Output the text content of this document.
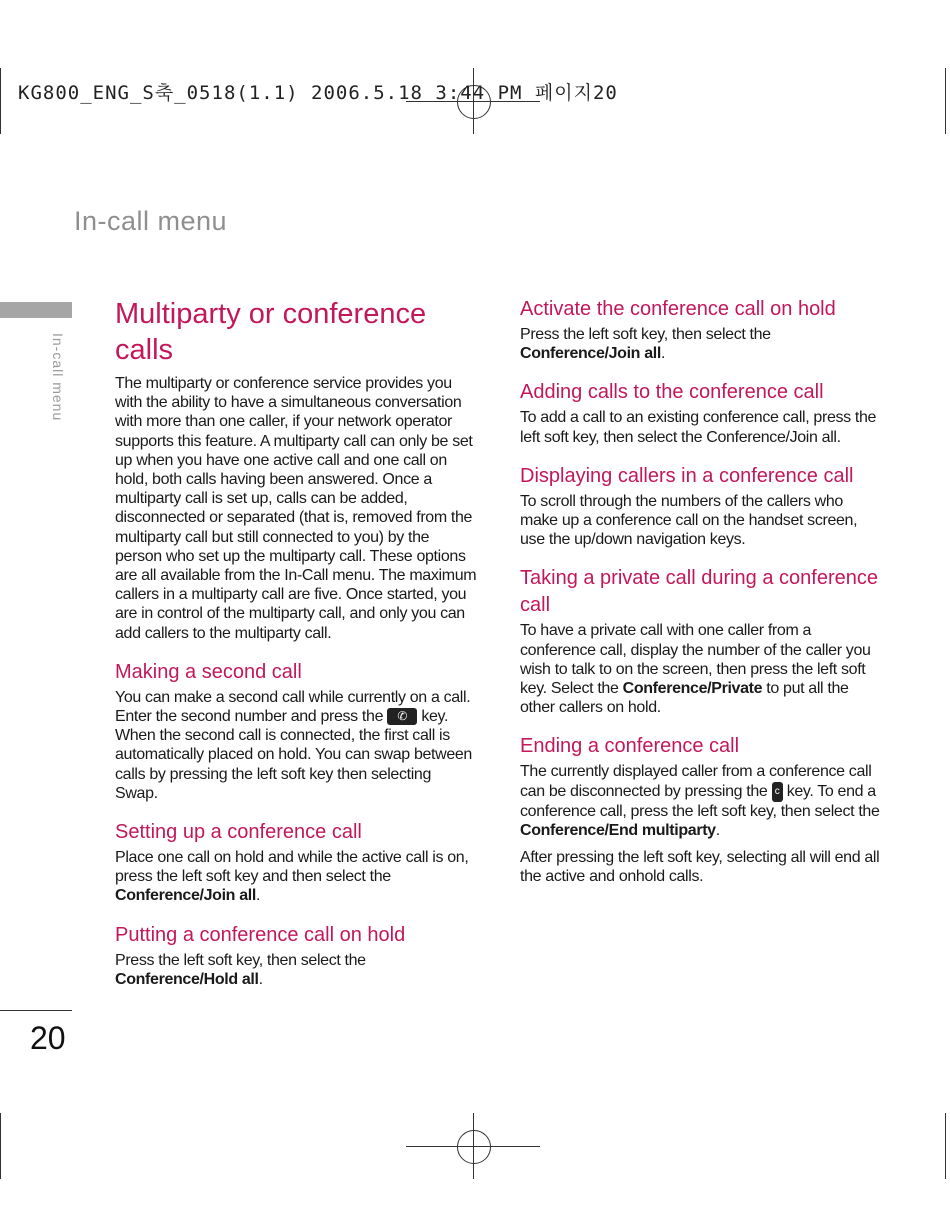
KG800_ENG_S축_0518(1.1) 2006.5.18 3:44 PM 페이지20
In-call menu
In-call menu
20
Multiparty or conference calls

The multiparty or conference service provides you with the ability to have a simultaneous conversation with more than one caller, if your network operator supports this feature. A multiparty call can only be set up when you have one active call and one call on hold, both calls having been answered. Once a multiparty call is set up, calls can be added, disconnected or separated (that is, removed from the multiparty call but still connected to you) by the person who set up the multiparty call. These options are all available from the In-Call menu. The maximum callers in a multiparty call are five. Once started, you are in control of the multiparty call, and only you can add callers to the multiparty call.

Making a second call

You can make a second call while currently on a call. Enter the second number and press the ✆ key. When the second call is connected, the first call is automatically placed on hold. You can swap between calls by pressing the left soft key then selecting Swap.

Setting up a conference call

Place one call on hold and while the active call is on, press the left soft key and then select the Conference/Join all.

Putting a conference call on hold

Press the left soft key, then select the Conference/Hold all.

Activate the conference call on hold

Press the left soft key, then select the Conference/Join all.

Adding calls to the conference call

To add a call to an existing conference call, press the left soft key, then select the Conference/Join all.

Displaying callers in a conference call

To scroll through the numbers of the callers who make up a conference call on the handset screen, use the up/down navigation keys.

Taking a private call during a conference call

To have a private call with one caller from a conference call, display the number of the caller you wish to talk to on the screen, then press the left soft key. Select the Conference/Private to put all the other callers on hold.

Ending a conference call

The currently displayed caller from a conference call can be disconnected by pressing the c key. To end a conference call, press the left soft key, then select the Conference/End multiparty.

After pressing the left soft key, selecting all will end all the active and onhold calls.
